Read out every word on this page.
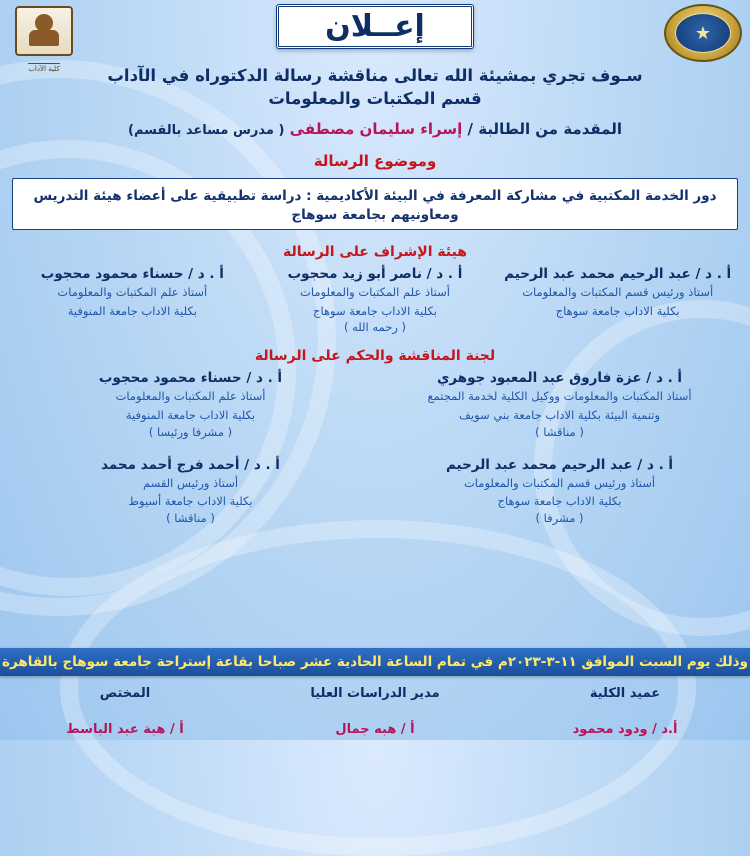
كلية الآداب
إعــلان	★
سـوف تجري بمشيئة الله تعالى مناقشة رسالة الدكتوراه في الآداب
قسم المكتبات والمعلومات
المقدمة من الطالبة / إسراء سليمان مصطفى ( مدرس مساعد بالقسم)
وموضوع الرسالة
دور الخدمة المكتبية في مشاركة المعرفة في البيئة الأكاديمية : دراسة تطبيقية على أعضاء هيئة التدريس ومعاونيهم بجامعة سوهاج
هيئة الإشراف على الرسالة
أ . د / عبد الرحيم محمد عبد الرحيم
أستاذ ورئيس قسم المكتبات والمعلومات
بكلية الاداب جامعة سوهاج
أ . د / ناصر أبو زيد محجوب
أستاذ علم المكتبات والمعلومات
بكلية الاداب جامعة سوهاج
( رحمه الله )
أ . د / حسناء محمود محجوب
أستاذ علم المكتبات والمعلومات
بكلية الاداب جامعة المنوفية
لجنة المناقشة والحكم على الرسالة
أ . د / عزة فاروق عبد المعبود جوهري
أستاذ المكتبات والمعلومات ووكيل الكلية لخدمة المجتمع
وتنمية البيئة بكلية الاداب جامعة بني سويف
( مناقشا )
أ . د / حسناء محمود محجوب
أستاذ علم المكتبات والمعلومات
بكلية الاداب جامعة المنوفية
( مشرفا ورئيسا )
أ . د / عبد الرحيم محمد عبد الرحيم
أستاذ ورئيس قسم المكتبات والمعلومات
بكلية الاداب جامعة سوهاج
( مشرفا )
أ . د / أحمد فرج أحمد محمد
أستاذ ورئيس القسم
بكلية الاداب جامعة أسيوط
( مناقشا )
وذلك يوم السبت الموافق ١١-٣-٢٠٢٣م في تمام الساعة الحادية عشر صباحا بقاعة إستراحة جامعة سوهاج بالقاهرة
عميد الكلية
مدير الدراسات العليا
المختص
أ.د / ودود محمود
أ / هبه جمال
أ / هبة عبد الباسط
